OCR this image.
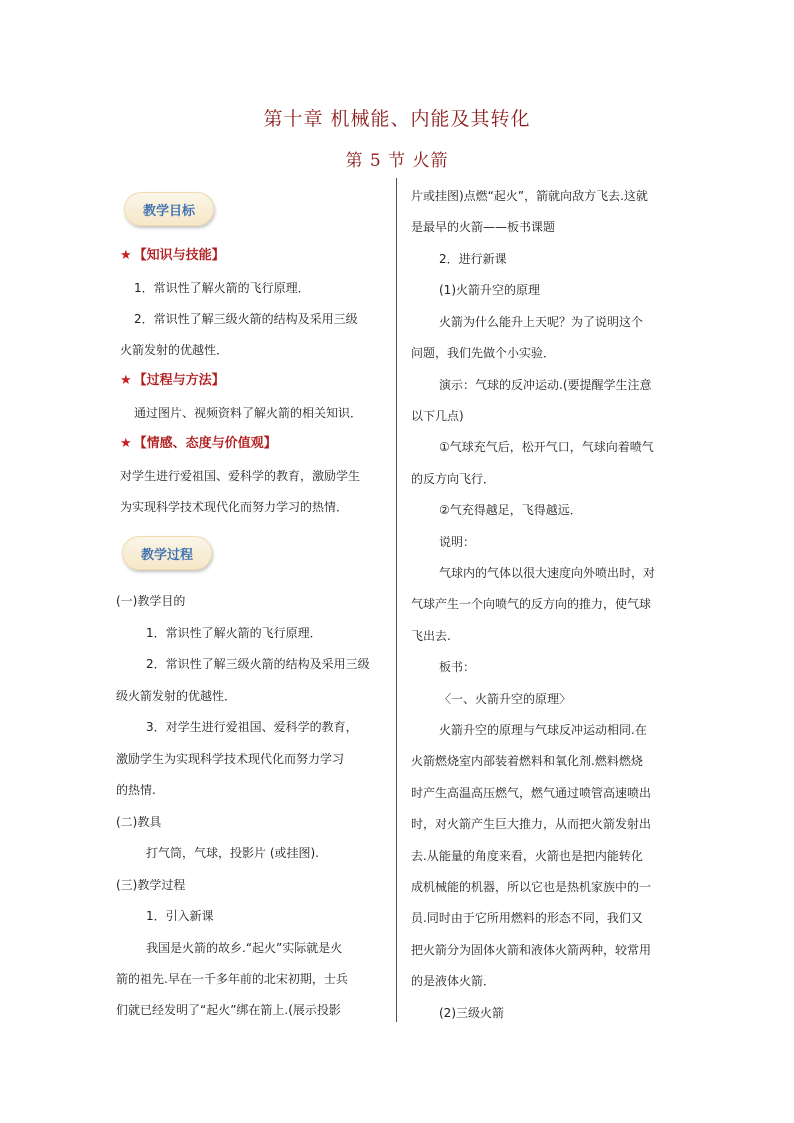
第十章 机械能、内能及其转化
第 5 节 火箭
教学目标
★ 【知识与技能】
1．常识性了解火箭的飞行原理．
2．常识性了解三级火箭的结构及采用三级
火箭发射的优越性．
★ 【过程与方法】
通过图片、视频资料了解火箭的相关知识．
★ 【情感、态度与价值观】
对学生进行爱祖国、爱科学的教育，激励学生
为实现科学技术现代化而努力学习的热情．
教学过程
(一)教学目的
1．常识性了解火箭的飞行原理．
2．常识性了解三级火箭的结构及采用三级
级火箭发射的优越性．
3．对学生进行爱祖国、爱科学的教育，
激励学生为实现科学技术现代化而努力学习
的热情.
(二)教具
打气筒，气球，投影片 (或挂图).
(三)教学过程
1．引入新课
我国是火箭的故乡.“起火”实际就是火
箭的祖先.早在一千多年前的北宋初期，士兵
们就已经发明了“起火”绑在箭上.(展示投影
片或挂图)点燃“起火”，箭就向敌方飞去.这就
是最早的火箭——板书课题
2．进行新课
(1)火箭升空的原理
火箭为什么能升上天呢？为了说明这个
问题，我们先做个小实验．
演示：气球的反冲运动.(要提醒学生注意
以下几点)
①气球充气后，松开气口，气球向着喷气
的反方向飞行．
②气充得越足，飞得越远．
说明：
气球内的气体以很大速度向外喷出时，对
气球产生一个向喷气的反方向的推力，使气球
飞出去.
板书：
〈一、火箭升空的原理〉
火箭升空的原理与气球反冲运动相同.在
火箭燃烧室内部装着燃料和氧化剂.燃料燃烧
时产生高温高压燃气，燃气通过喷管高速喷出
时，对火箭产生巨大推力，从而把火箭发射出
去.从能量的角度来看，火箭也是把内能转化
成机械能的机器，所以它也是热机家族中的一
员.同时由于它所用燃料的形态不同，我们又
把火箭分为固体火箭和液体火箭两种，较常用
的是液体火箭．
(2)三级火箭
